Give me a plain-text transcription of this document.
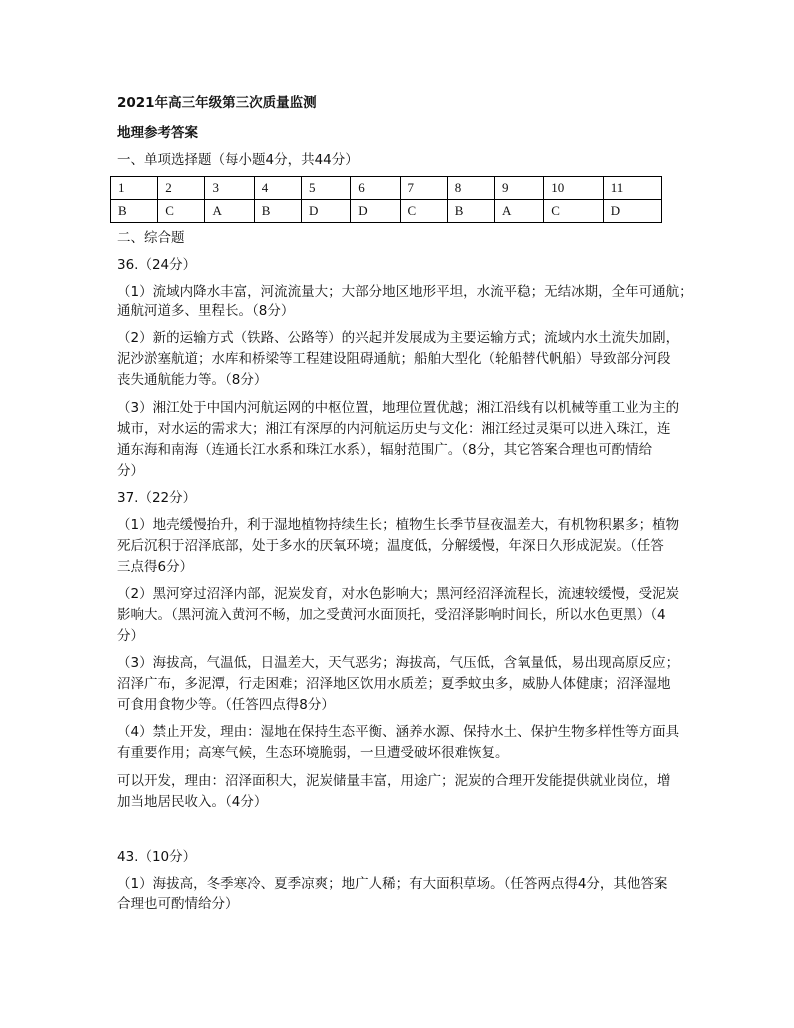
2021年高三年级第三次质量监测
地理参考答案
一、单项选择题（每小题4分，共44分）
1	2	3	4	5	6	7	8	9	10	11
B	C	A	B	D	D	C	B	A	C	D
二、综合题
36.（24分）
（1）流域内降水丰富，河流流量大；大部分地区地形平坦，水流平稳；无结冰期，全年可通航；
通航河道多、里程长。（8分）
（2）新的运输方式（铁路、公路等）的兴起并发展成为主要运输方式；流域内水土流失加剧，
泥沙淤塞航道；水库和桥梁等工程建设阻碍通航；船舶大型化（轮船替代帆船）导致部分河段
丧失通航能力等。（8分）
（3）湘江处于中国内河航运网的中枢位置，地理位置优越；湘江沿线有以机械等重工业为主的
城市，对水运的需求大；湘江有深厚的内河航运历史与文化：湘江经过灵渠可以进入珠江，连
通东海和南海（连通长江水系和珠江水系），辐射范围广。（8分，其它答案合理也可酌情给
分）
37.（22分）
（1）地壳缓慢抬升，利于湿地植物持续生长；植物生长季节昼夜温差大，有机物积累多；植物
死后沉积于沼泽底部，处于多水的厌氧环境；温度低，分解缓慢，年深日久形成泥炭。（任答
三点得6分）
（2）黑河穿过沼泽内部，泥炭发育，对水色影响大；黑河经沼泽流程长，流速较缓慢，受泥炭
影响大。（黑河流入黄河不畅，加之受黄河水面顶托，受沼泽影响时间长，所以水色更黑）（4
分）
（3）海拔高，气温低，日温差大，天气恶劣；海拔高，气压低，含氧量低，易出现高原反应；
沼泽广布，多泥潭，行走困难；沼泽地区饮用水质差；夏季蚊虫多，威胁人体健康；沼泽湿地
可食用食物少等。（任答四点得8分）
（4）禁止开发，理由：湿地在保持生态平衡、涵养水源、保持水土、保护生物多样性等方面具
有重要作用；高寒气候，生态环境脆弱，一旦遭受破坏很难恢复。
可以开发，理由：沼泽面积大，泥炭储量丰富，用途广；泥炭的合理开发能提供就业岗位，增
加当地居民收入。（4分）
43.（10分）
（1）海拔高，冬季寒冷、夏季凉爽；地广人稀；有大面积草场。（任答两点得4分，其他答案
合理也可酌情给分）
